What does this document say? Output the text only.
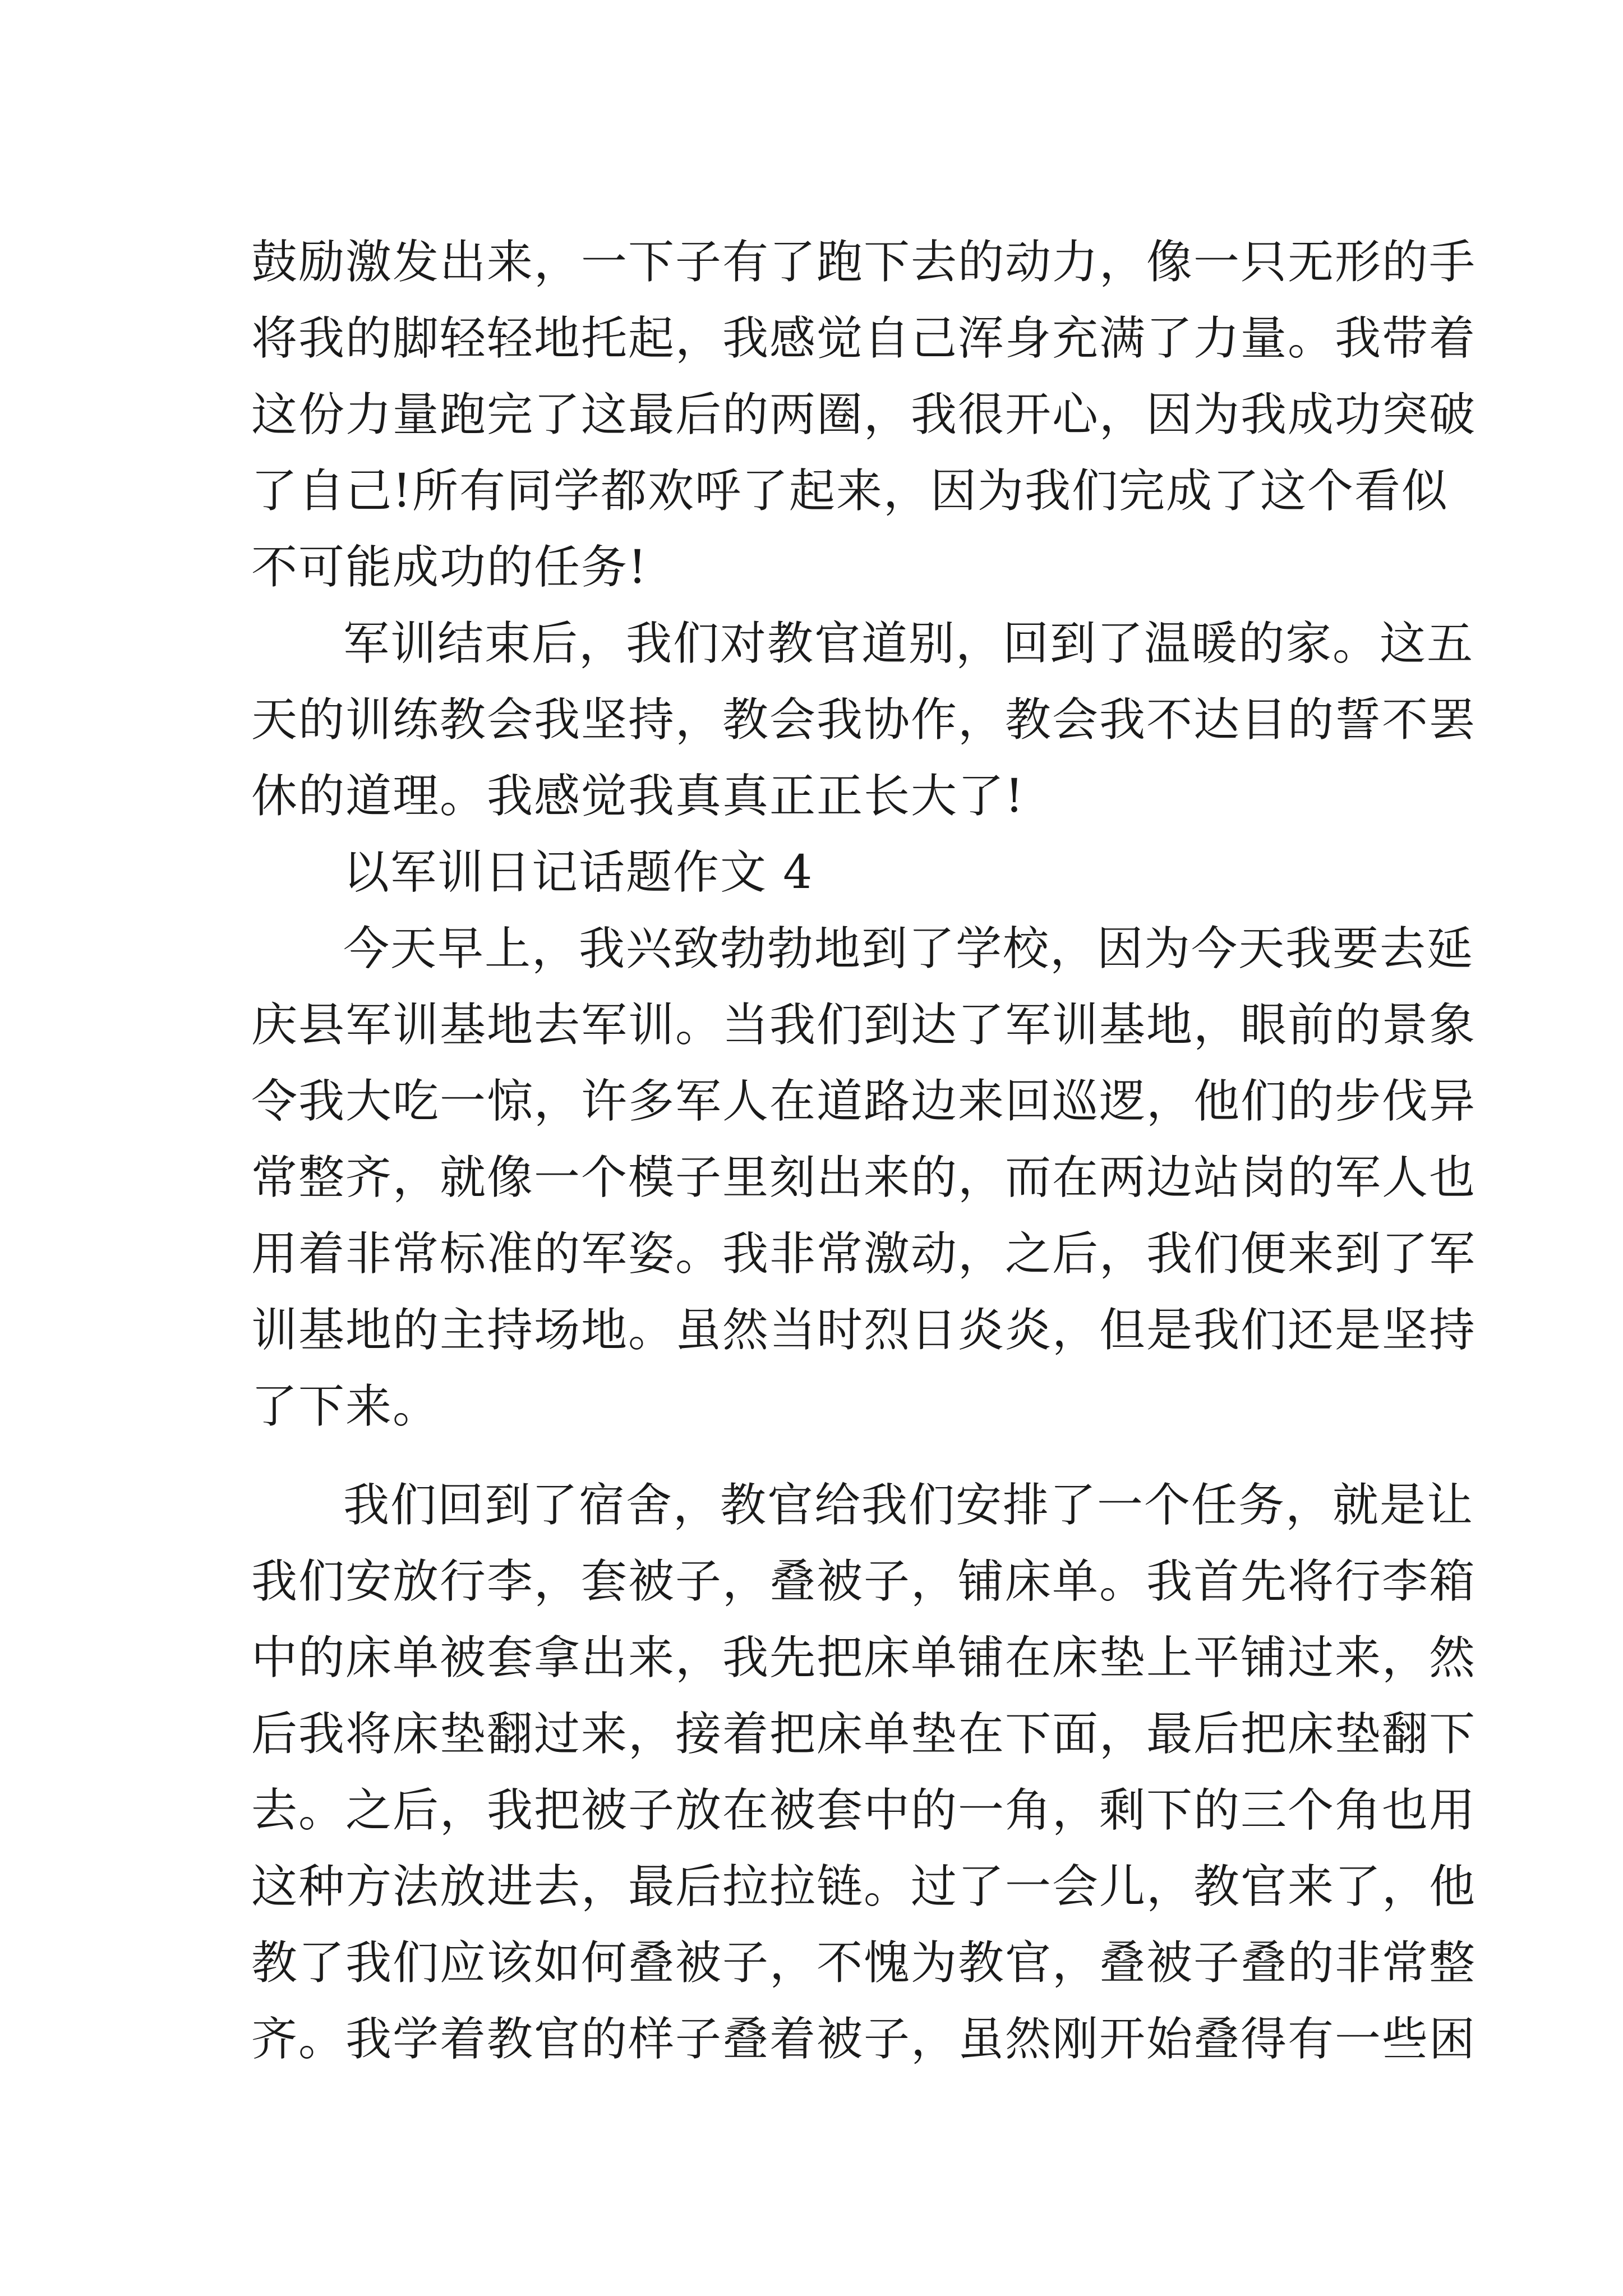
鼓励激发出来，一下子有了跑下去的动力，像一只无形的手
将我的脚轻轻地托起，我感觉自己浑身充满了力量。我带着
这份力量跑完了这最后的两圈，我很开心，因为我成功突破
了自己!所有同学都欢呼了起来，因为我们完成了这个看似
不可能成功的任务!
军训结束后，我们对教官道别，回到了温暖的家。这五
天的训练教会我坚持，教会我协作，教会我不达目的誓不罢
休的道理。我感觉我真真正正长大了!
以军训日记话题作文 4
今天早上，我兴致勃勃地到了学校，因为今天我要去延
庆县军训基地去军训。当我们到达了军训基地，眼前的景象
令我大吃一惊，许多军人在道路边来回巡逻，他们的步伐异
常整齐，就像一个模子里刻出来的，而在两边站岗的军人也
用着非常标准的军姿。我非常激动，之后，我们便来到了军
训基地的主持场地。虽然当时烈日炎炎，但是我们还是坚持
了下来。
我们回到了宿舍，教官给我们安排了一个任务，就是让
我们安放行李，套被子，叠被子，铺床单。我首先将行李箱
中的床单被套拿出来，我先把床单铺在床垫上平铺过来，然
后我将床垫翻过来，接着把床单垫在下面，最后把床垫翻下
去。之后，我把被子放在被套中的一角，剩下的三个角也用
这种方法放进去，最后拉拉链。过了一会儿，教官来了，他
教了我们应该如何叠被子，不愧为教官，叠被子叠的非常整
齐。我学着教官的样子叠着被子，虽然刚开始叠得有一些困
